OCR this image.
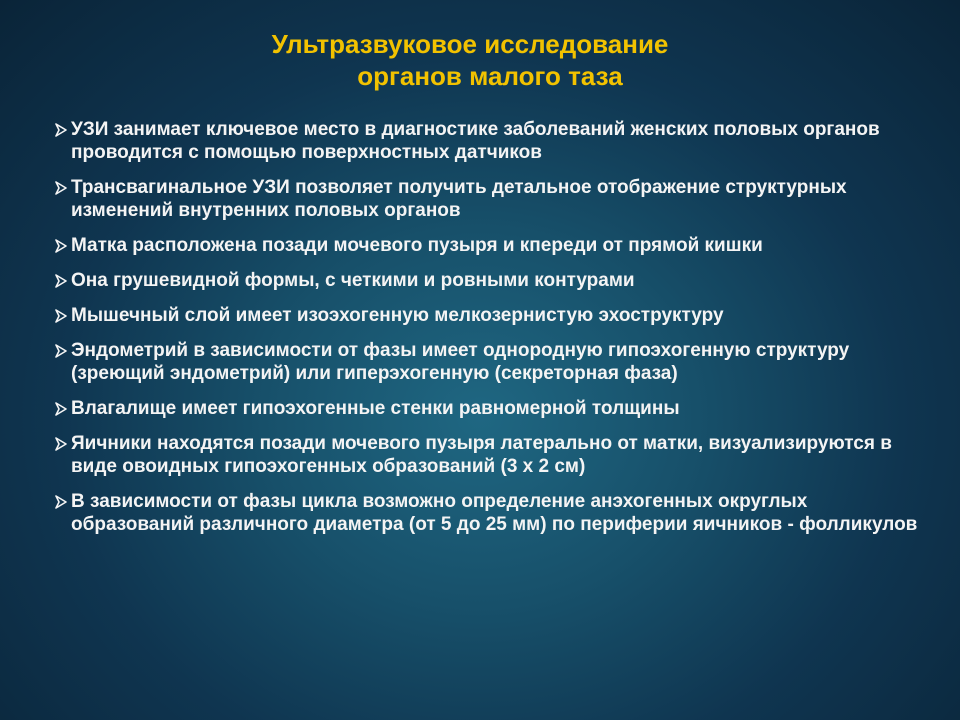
Ультразвуковое исследование
органов малого таза
УЗИ занимает ключевое место в диагностике заболеваний женских половых органов проводится с помощью поверхностных датчиков
Трансвагинальное УЗИ позволяет получить детальное отображение структурных изменений внутренних половых органов
Матка расположена позади мочевого пузыря и кпереди от прямой кишки
Она грушевидной формы, с четкими и ровными контурами
Мышечный слой имеет изоэхогенную мелкозернистую эхоструктуру
Эндометрий в зависимости от фазы имеет однородную гипоэхогенную структуру (зреющий эндометрий) или гиперэхогенную (секреторная фаза)
Влагалище имеет гипоэхогенные стенки равномерной толщины
Яичники находятся позади мочевого пузыря латерально от матки, визуализируются в виде овоидных гипоэхогенных образований (3 х 2 см)
В зависимости от фазы цикла возможно определение анэхогенных округлых образований различного диаметра (от 5 до 25 мм) по периферии яичников - фолликулов
